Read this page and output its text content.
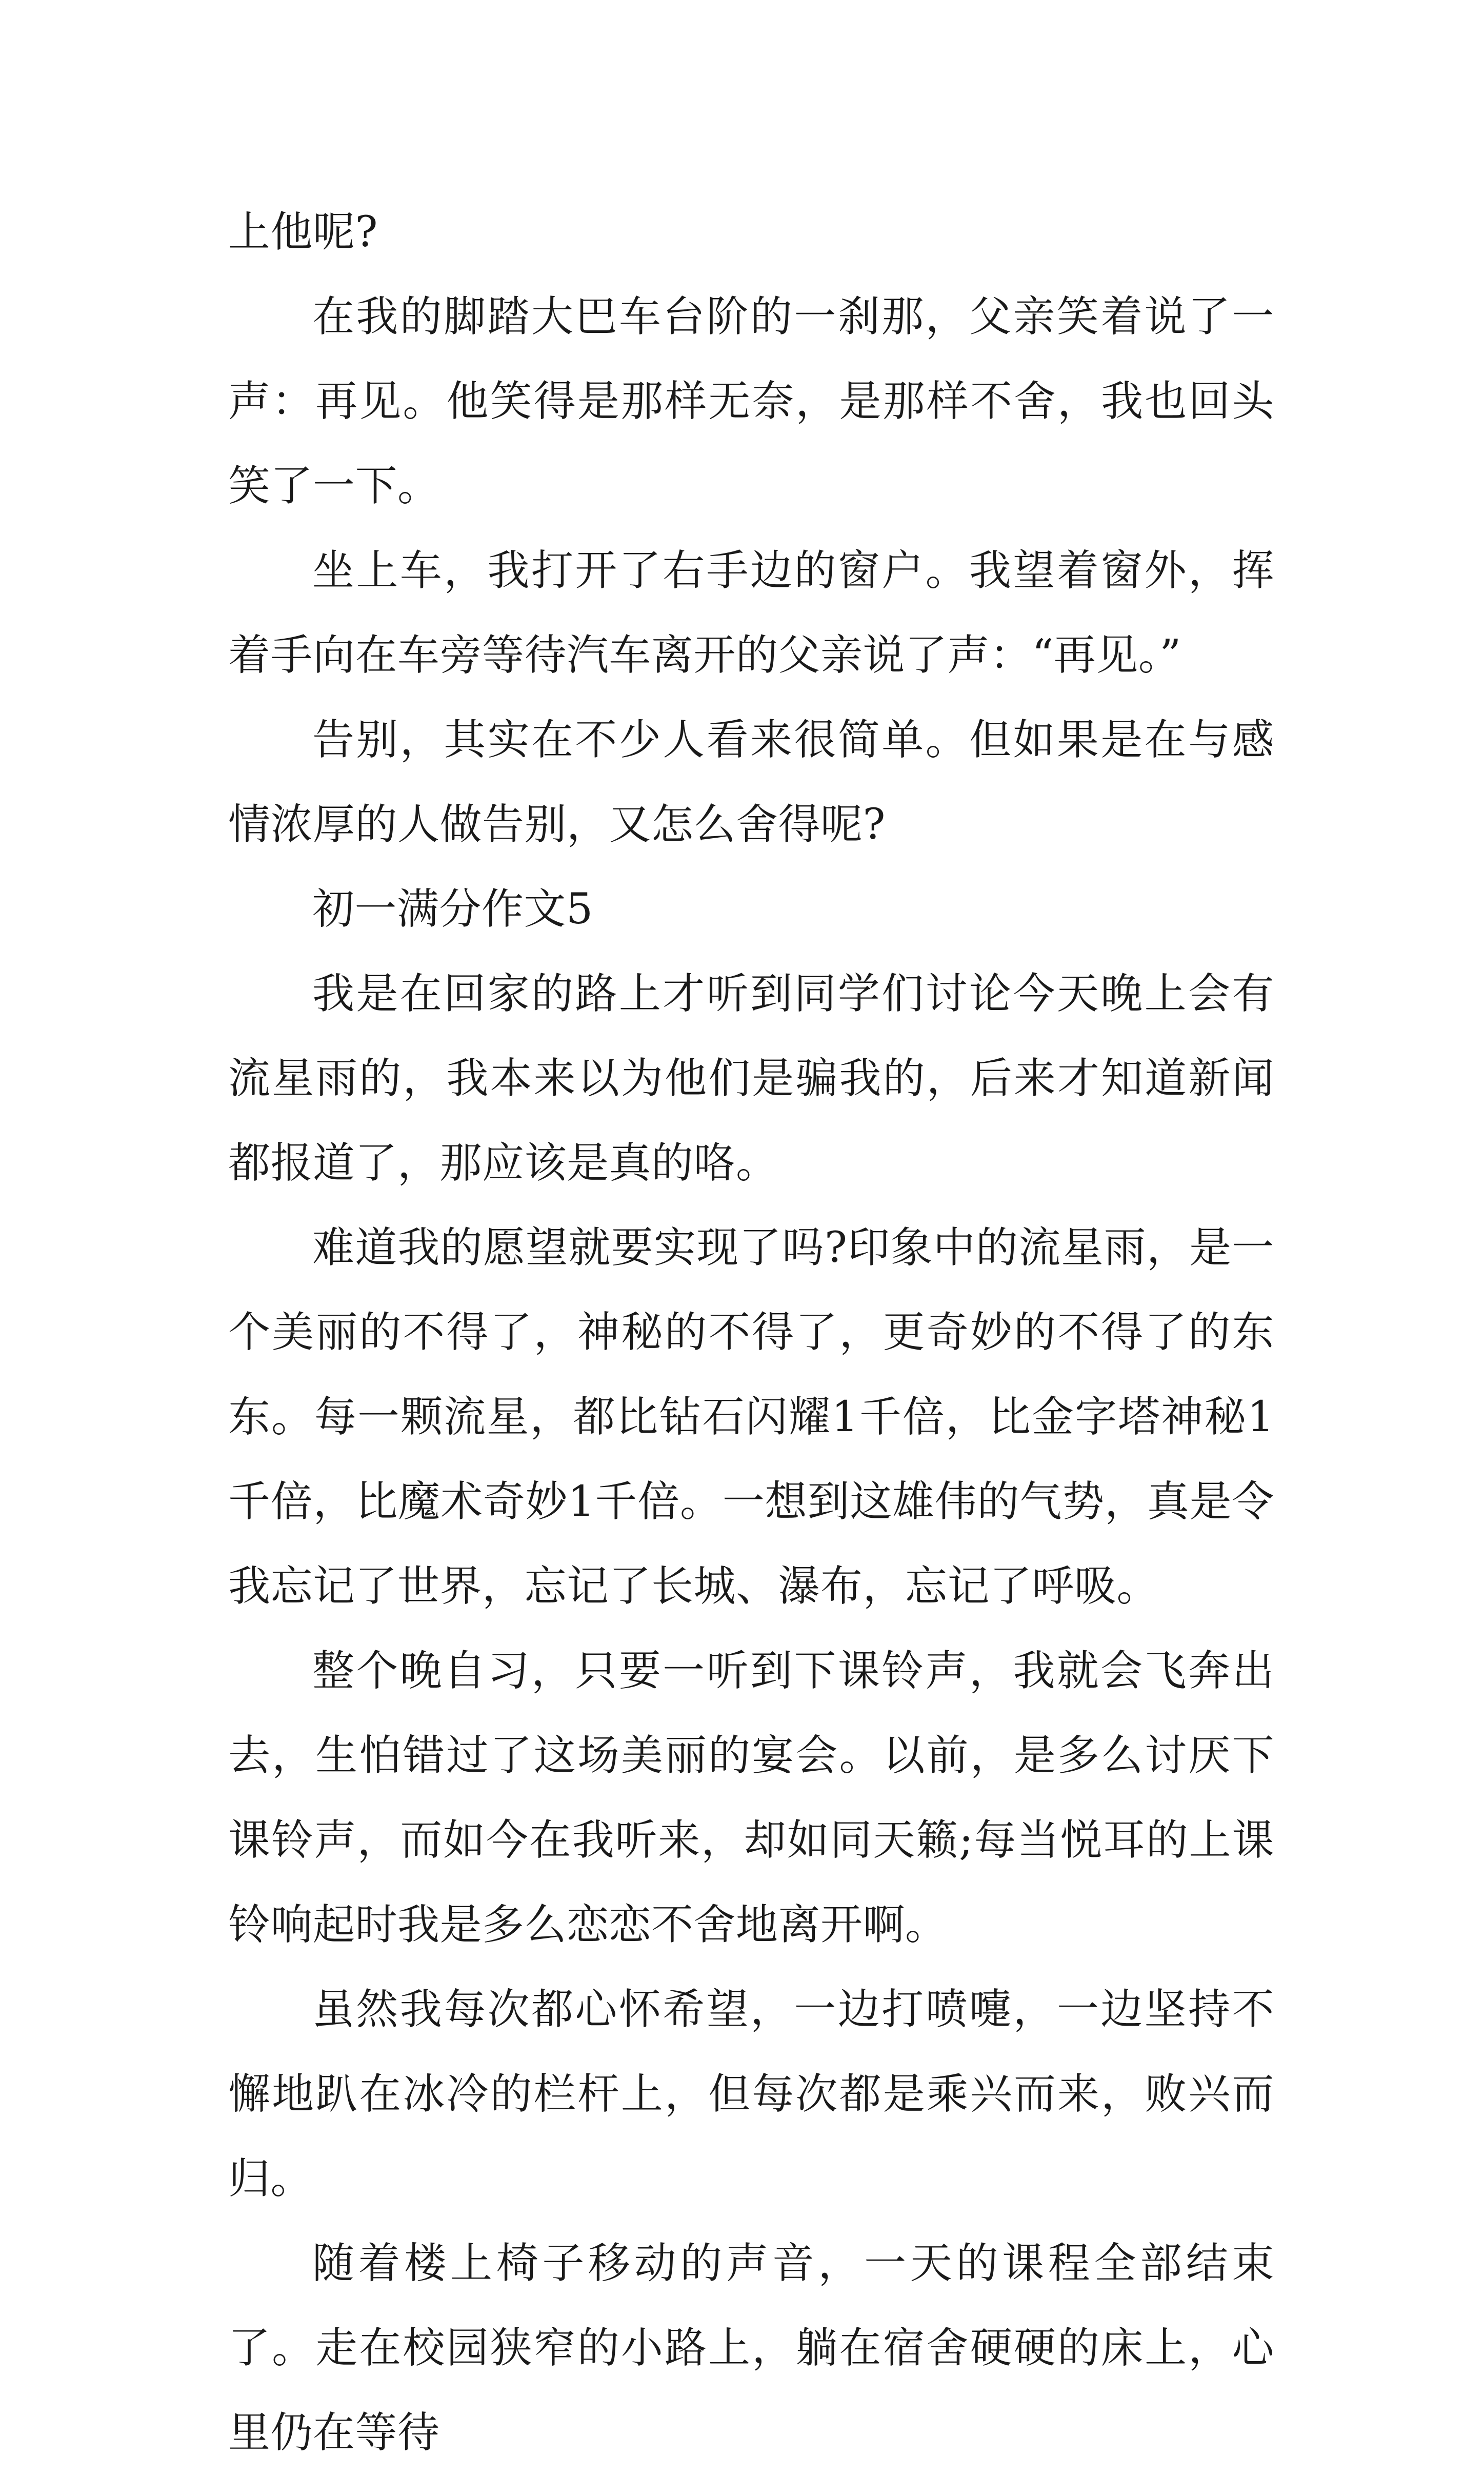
上他呢?

在我的脚踏大巴车台阶的一刹那，父亲笑着说了一声：再见。他笑得是那样无奈，是那样不舍，我也回头笑了一下。

坐上车，我打开了右手边的窗户。我望着窗外，挥着手向在车旁等待汽车离开的父亲说了声：“再见。”

告别，其实在不少人看来很简单。但如果是在与感情浓厚的人做告别，又怎么舍得呢?

初一满分作文5

我是在回家的路上才听到同学们讨论今天晚上会有流星雨的，我本来以为他们是骗我的，后来才知道新闻都报道了，那应该是真的咯。

难道我的愿望就要实现了吗?印象中的流星雨，是一个美丽的不得了，神秘的不得了，更奇妙的不得了的东东。每一颗流星，都比钻石闪耀1千倍，比金字塔神秘1千倍，比魔术奇妙1千倍。一想到这雄伟的气势，真是令我忘记了世界，忘记了长城、瀑布，忘记了呼吸。

整个晚自习，只要一听到下课铃声，我就会飞奔出去，生怕错过了这场美丽的宴会。以前，是多么讨厌下课铃声，而如今在我听来，却如同天籁;每当悦耳的上课铃响起时我是多么恋恋不舍地离开啊。

虽然我每次都心怀希望，一边打喷嚏，一边坚持不懈地趴在冰冷的栏杆上，但每次都是乘兴而来，败兴而归。

随着楼上椅子移动的声音，一天的课程全部结束了。走在校园狭窄的小路上，躺在宿舍硬硬的床上，心里仍在等待
